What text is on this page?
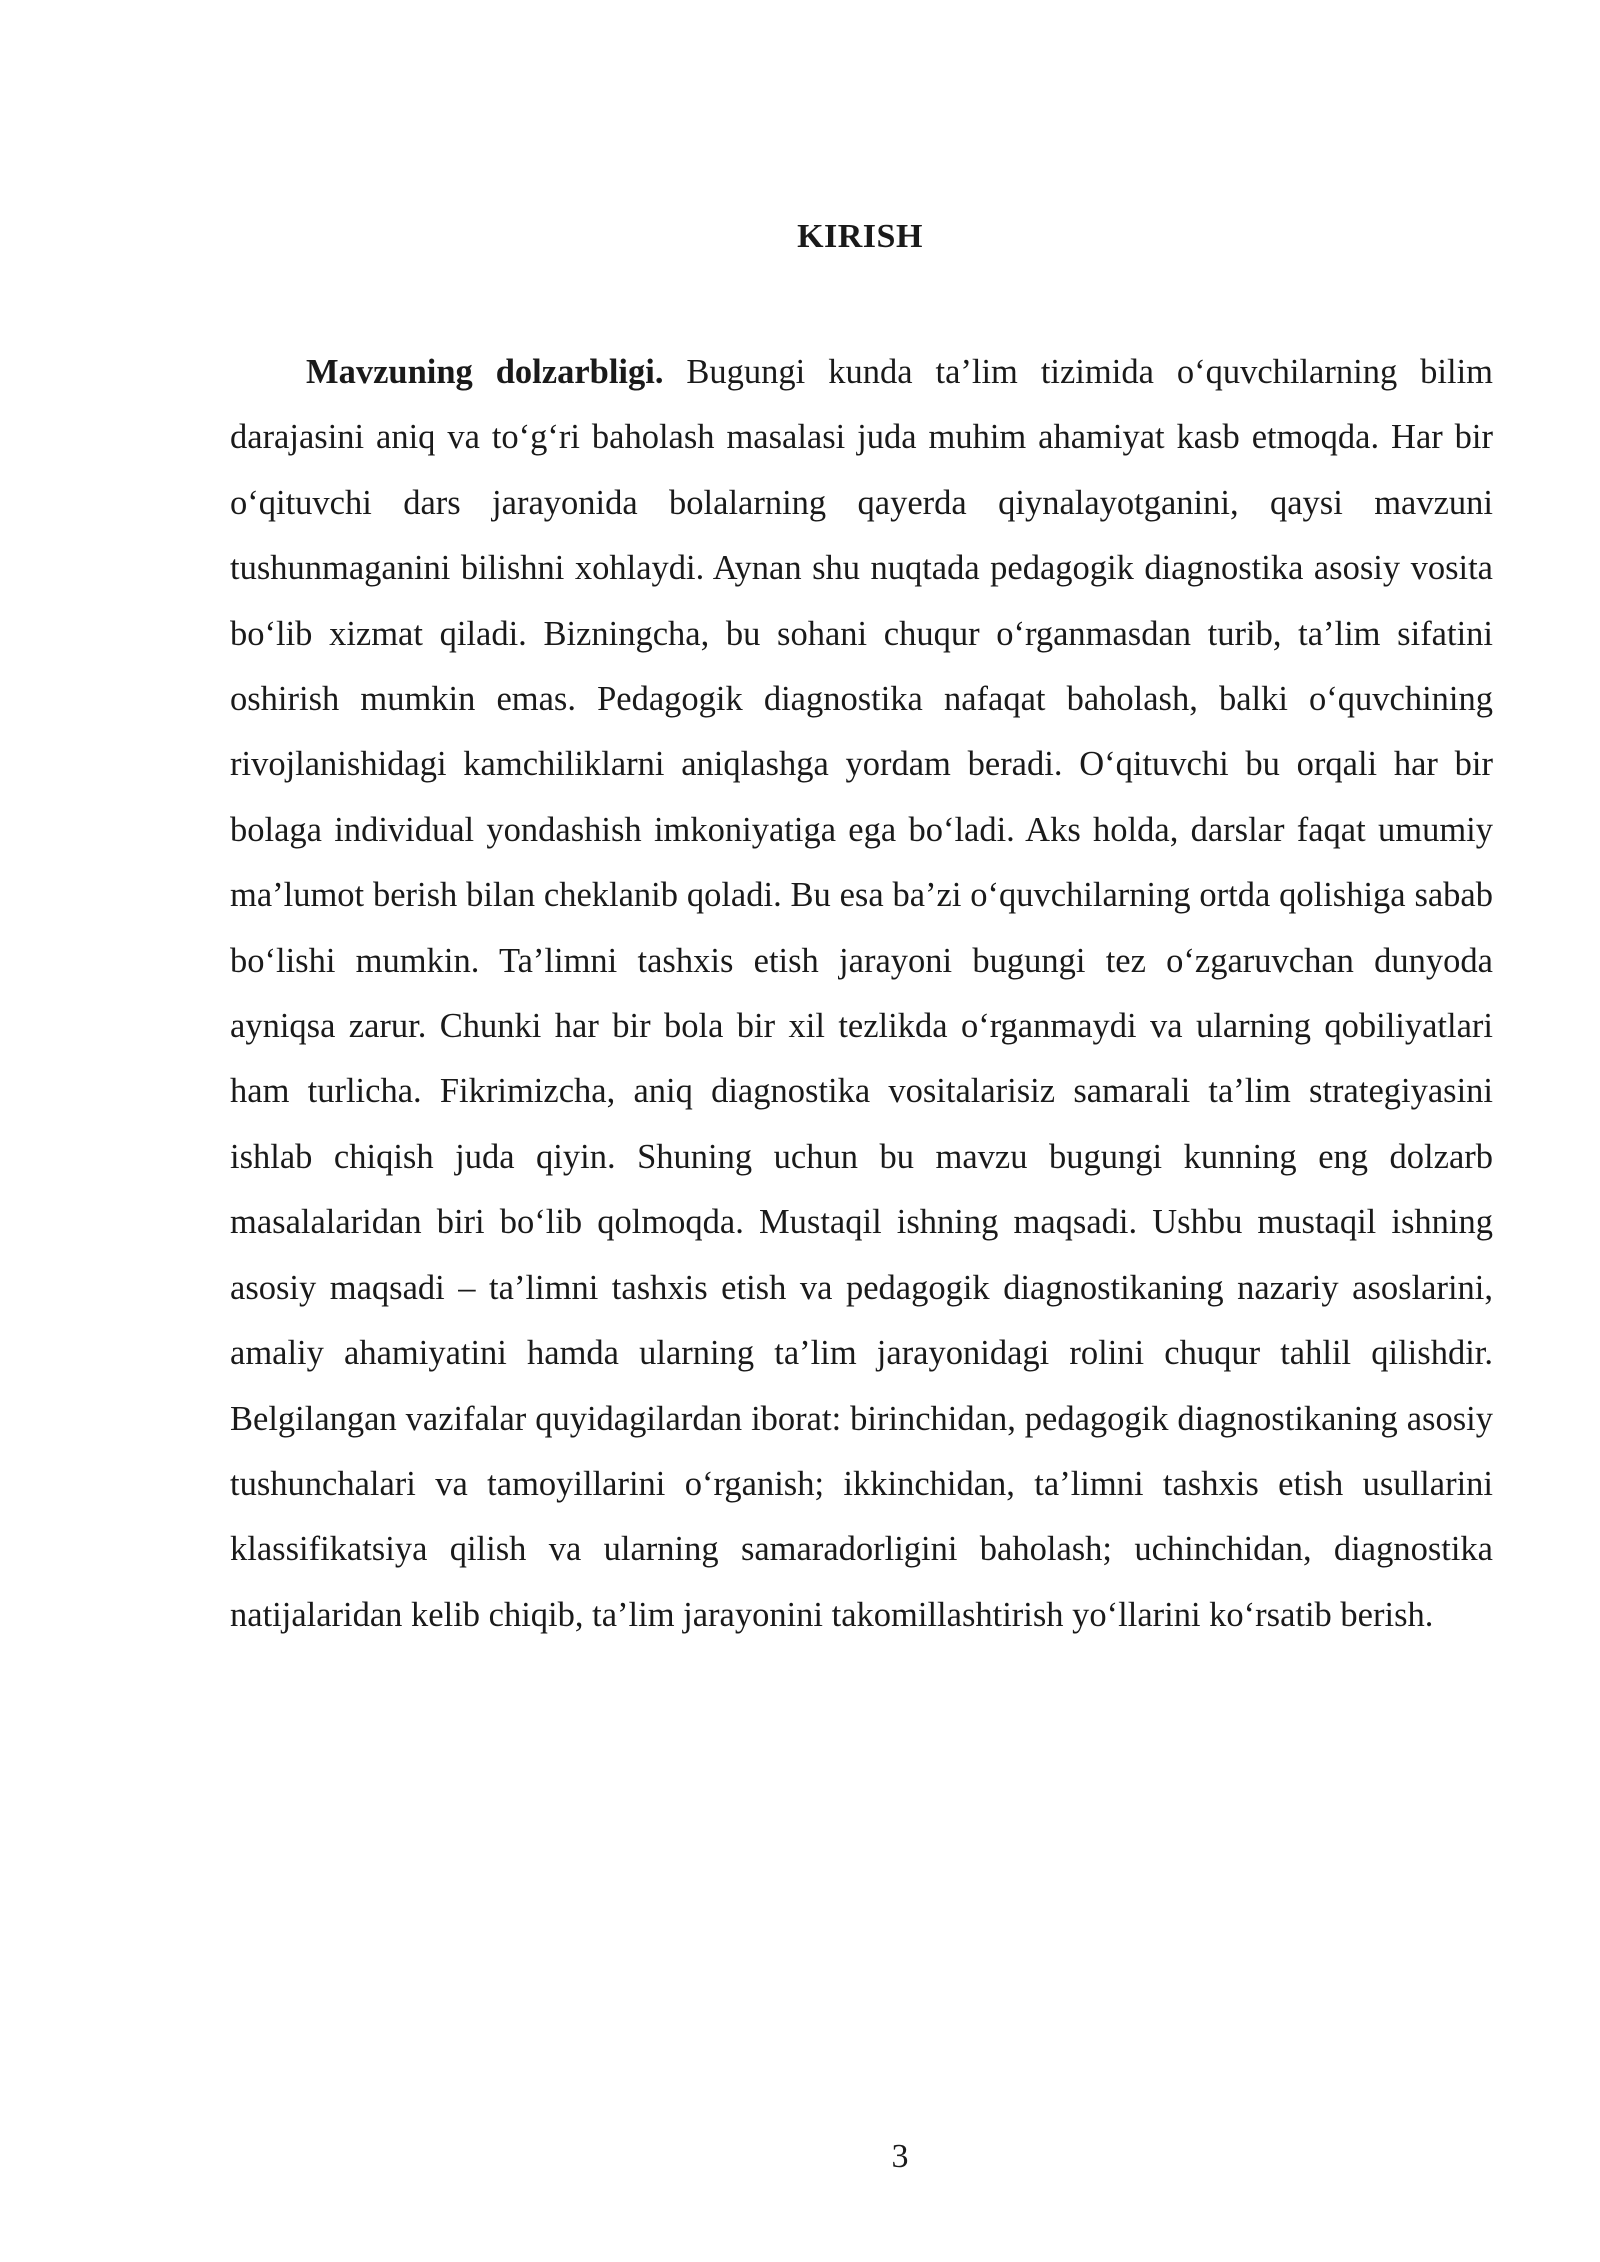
KIRISH

Mavzuning dolzarbligi. Bugungi kunda ta’lim tizimida o‘quvchilarning bilim darajasini aniq va to‘g‘ri baholash masalasi juda muhim ahamiyat kasb etmoqda. Har bir o‘qituvchi dars jarayonida bolalarning qayerda qiynalayotganini, qaysi mavzuni tushunmaganini bilishni xohlaydi. Aynan shu nuqtada pedagogik diagnostika asosiy vosita bo‘lib xizmat qiladi. Bizningcha, bu sohani chuqur o‘rganmasdan turib, ta’lim sifatini oshirish mumkin emas. Pedagogik diagnostika nafaqat baholash, balki o‘quvchining rivojlanishidagi kamchiliklarni aniqlashga yordam beradi. O‘qituvchi bu orqali har bir bolaga individual yondashish imkoniyatiga ega bo‘ladi. Aks holda, darslar faqat umumiy ma’lumot berish bilan cheklanib qoladi. Bu esa ba’zi o‘quvchilarning ortda qolishiga sabab bo‘lishi mumkin. Ta’limni tashxis etish jarayoni bugungi tez o‘zgaruvchan dunyoda ayniqsa zarur. Chunki har bir bola bir xil tezlikda o‘rganmaydi va ularning qobiliyatlari ham turlicha. Fikrimizcha, aniq diagnostika vositalarisiz samarali ta’lim strategiyasini ishlab chiqish juda qiyin. Shuning uchun bu mavzu bugungi kunning eng dolzarb masalalaridan biri bo‘lib qolmoqda. Mustaqil ishning maqsadi. Ushbu mustaqil ishning asosiy maqsadi – ta’limni tashxis etish va pedagogik diagnostikaning nazariy asoslarini, amaliy ahamiyatini hamda ularning ta’lim jarayonidagi rolini chuqur tahlil qilishdir. Belgilangan vazifalar quyidagilardan iborat: birinchidan, pedagogik diagnostikaning asosiy tushunchalari va tamoyillarini o‘rganish; ikkinchidan, ta’limni tashxis etish usullarini klassifikatsiya qilish va ularning samaradorligini baholash; uchinchidan, diagnostika natijalaridan kelib chiqib, ta’lim jarayonini takomillashtirish yo‘llarini ko‘rsatib berish.

3
